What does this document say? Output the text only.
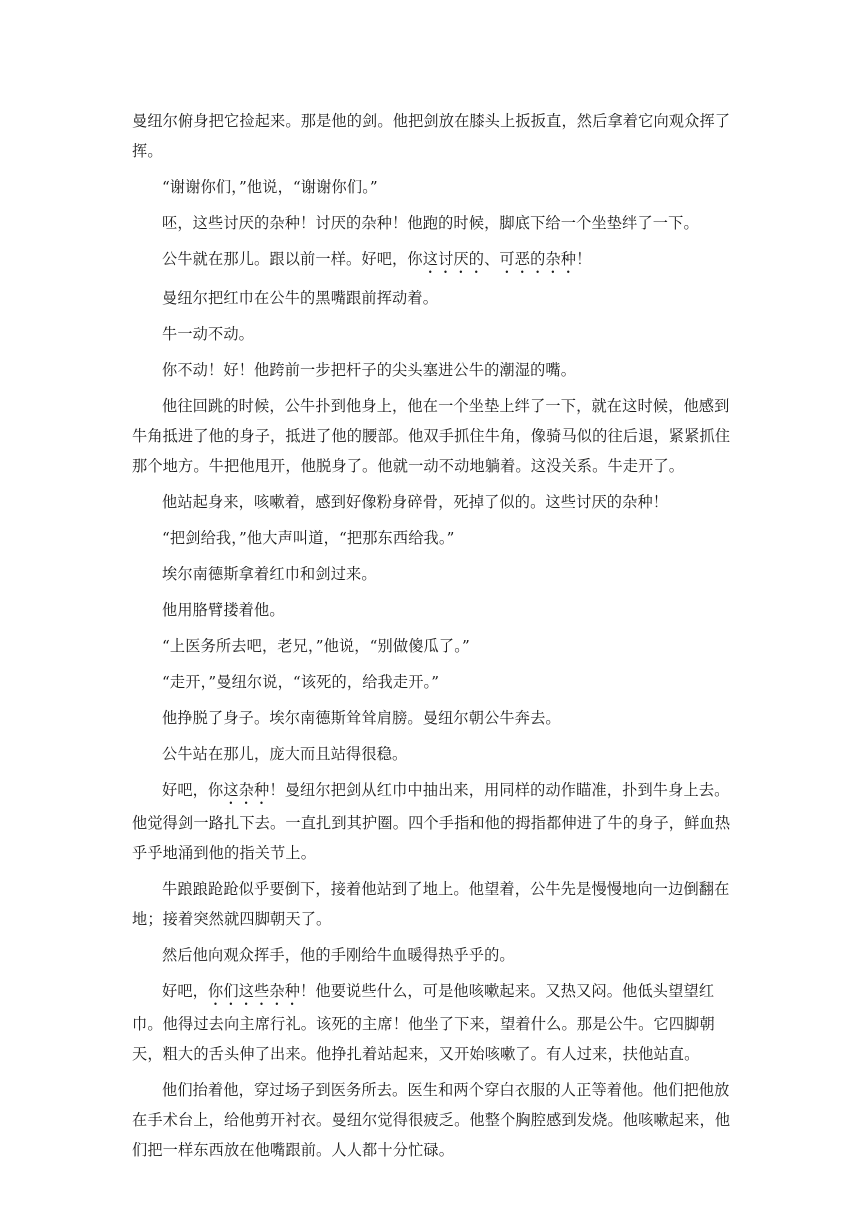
曼纽尔俯身把它捡起来。那是他的剑。他把剑放在膝头上扳扳直，然后拿着它向观众挥了挥。

“谢谢你们，”他说，“谢谢你们。”

呸，这些讨厌的杂种！讨厌的杂种！他跑的时候，脚底下给一个坐垫绊了一下。

公牛就在那儿。跟以前一样。好吧，你这讨厌的、可恶的杂种！

曼纽尔把红巾在公牛的黑嘴跟前挥动着。

牛一动不动。

你不动！好！他跨前一步把杆子的尖头塞进公牛的潮湿的嘴。

他往回跳的时候，公牛扑到他身上，他在一个坐垫上绊了一下，就在这时候，他感到牛角抵进了他的身子，抵进了他的腰部。他双手抓住牛角，像骑马似的往后退，紧紧抓住那个地方。牛把他甩开，他脱身了。他就一动不动地躺着。这没关系。牛走开了。

他站起身来，咳嗽着，感到好像粉身碎骨，死掉了似的。这些讨厌的杂种！

“把剑给我，”他大声叫道，“把那东西给我。”

埃尔南德斯拿着红巾和剑过来。

他用胳臂搂着他。

“上医务所去吧，老兄，”他说，“别做傻瓜了。”

“走开，”曼纽尔说，“该死的，给我走开。”

他挣脱了身子。埃尔南德斯耸耸肩膀。曼纽尔朝公牛奔去。

公牛站在那儿，庞大而且站得很稳。

好吧，你这杂种！曼纽尔把剑从红巾中抽出来，用同样的动作瞄准，扑到牛身上去。他觉得剑一路扎下去。一直扎到其护圈。四个手指和他的拇指都伸进了牛的身子，鲜血热乎乎地涌到他的指关节上。

牛踉踉跄跄似乎要倒下，接着他站到了地上。他望着，公牛先是慢慢地向一边倒翻在地；接着突然就四脚朝天了。

然后他向观众挥手，他的手刚给牛血暖得热乎乎的。

好吧，你们这些杂种！他要说些什么，可是他咳嗽起来。又热又闷。他低头望望红巾。他得过去向主席行礼。该死的主席！他坐了下来，望着什么。那是公牛。它四脚朝天，粗大的舌头伸了出来。他挣扎着站起来，又开始咳嗽了。有人过来，扶他站直。

他们抬着他，穿过场子到医务所去。医生和两个穿白衣服的人正等着他。他们把他放在手术台上，给他剪开衬衣。曼纽尔觉得很疲乏。他整个胸腔感到发烧。他咳嗽起来，他们把一样东西放在他嘴跟前。人人都十分忙碌。
